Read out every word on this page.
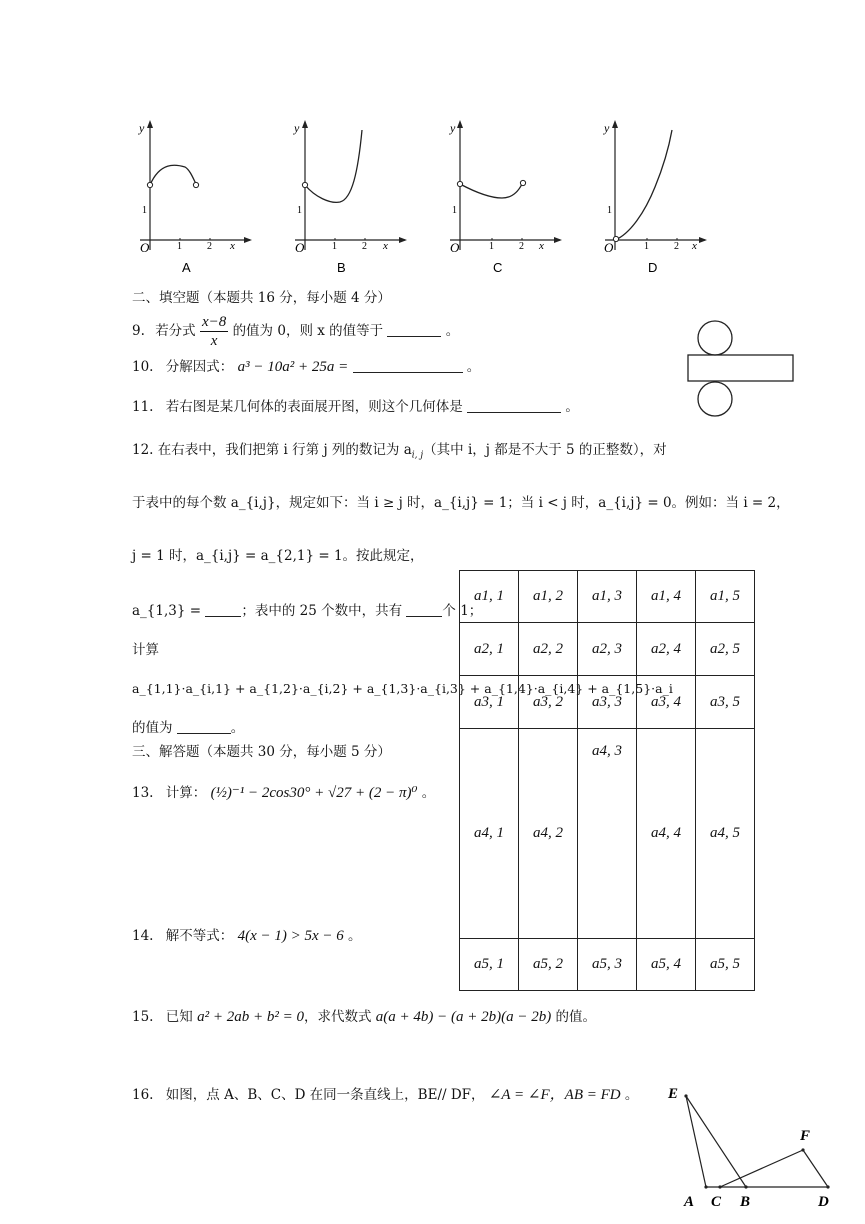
y
O	1	2 x
1
A
y
O	1	2 x
1
B
y
O	1	2 x
1
C
y
O	1	2 x
1
D
二、填空题（本题共 16 分，每小题 4 分）
9. 若分式 $\frac{x-8}{x}$ 的值为 0，则 x 的值等于	。
10. 分解因式： a³ − 10a² + 25a =	。
11. 若右图是某几何体的表面展开图，则这个几何体是	。
12. 在右表中，我们把第 i 行第 j 列的数记为 $a_{i, j}$（其中 i，j 都是不大于 5 的正整数），对
于表中的每个数 a_{i,j}，规定如下：当 i ≥ j 时，a_{i,j} = 1；当 i < j 时，a_{i,j} = 0。例如：当 i = 2，
j = 1 时，a_{i,j} = a_{2,1} = 1。按此规定，
a_{1,3} =	；表中的 25 个数中，共有	个 1；
计算
a_{1,1}·a_{i,1} + a_{1,2}·a_{i,2} + a_{1,3}·a_{i,3} + a_{1,4}·a_{i,4} + a_{1,5}·a_i
的值为	。
a1, 1	a1, 2	a1, 3	a1, 4	a1, 5
a2, 1	a2, 2	a2, 3	a2, 4	a2, 5
a3, 1	a3, 2	a3, 3	a3, 4	a3, 5
a4, 1	a4, 2	a4, 3	a4, 4	a4, 5
a5, 1	a5, 2	a5, 3	a5, 4	a5, 5
三、解答题（本题共 30 分，每小题 5 分）
13. 计算： (½)⁻¹ − 2cos30° + √27 + (2 − π)⁰ 。
14. 解不等式： 4(x − 1) > 5x − 6 。
15. 已知 a² + 2ab + b² = 0，求代数式 a(a + 4b) − (a + 2b)(a − 2b) 的值。
16. 如图，点 A、B、C、D 在同一条直线上，BE// DF， ∠A = ∠F，AB = FD 。 E
F
A C B	D
